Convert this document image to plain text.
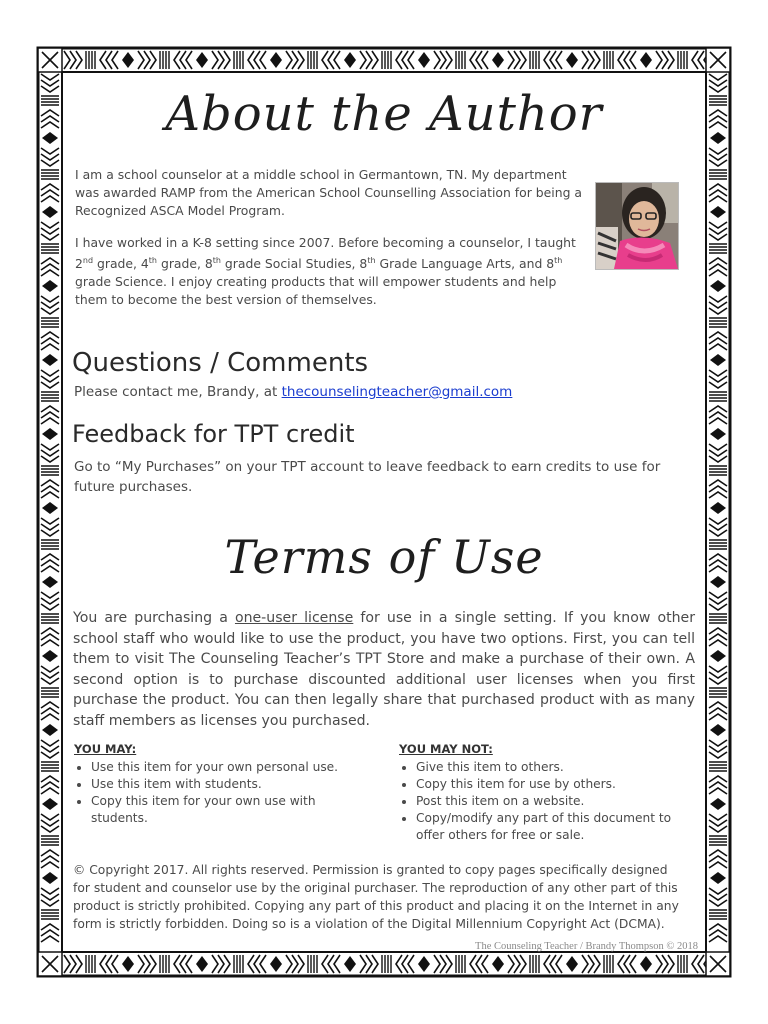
About the Author

I am a school counselor at a middle school in Germantown, TN. My department was awarded RAMP from the American School Counselling Association for being a Recognized ASCA Model Program.

I have worked in a K-8 setting since 2007. Before becoming a counselor, I taught 2nd grade, 4th grade, 8th grade Social Studies, 8th Grade Language Arts, and 8th grade Science. I enjoy creating products that will empower students and help them to become the best version of themselves.

Questions / Comments
Please contact me, Brandy, at thecounselingteacher@gmail.com
Feedback for TPT credit

Go to “My Purchases” on your TPT account to leave feedback to earn credits to use for future purchases.

Terms of Use

You are purchasing a one-user license for use in a single setting. If you know other school staff who would like to use the product, you have two options. First, you can tell them to visit The Counseling Teacher’s TPT Store and make a purchase of their own. A second option is to purchase discounted additional user licenses when you first purchase the product. You can then legally share that purchased product with as many staff members as licenses you purchased.

YOU MAY:
• Use this item for your own personal use.
• Use this item with students.
• Copy this item for your own use with students.
YOU MAY NOT:
• Give this item to others.
• Copy this item for use by others.
• Post this item on a website.
• Copy/modify any part of this document to offer others for free or sale.

© Copyright 2017. All rights reserved. Permission is granted to copy pages specifically designed for student and counselor use by the original purchaser. The reproduction of any other part of this product is strictly prohibited. Copying any part of this product and placing it on the Internet in any form is strictly forbidden. Doing so is a violation of the Digital Millennium Copyright Act (DCMA).

The Counseling Teacher / Brandy Thompson © 2018
